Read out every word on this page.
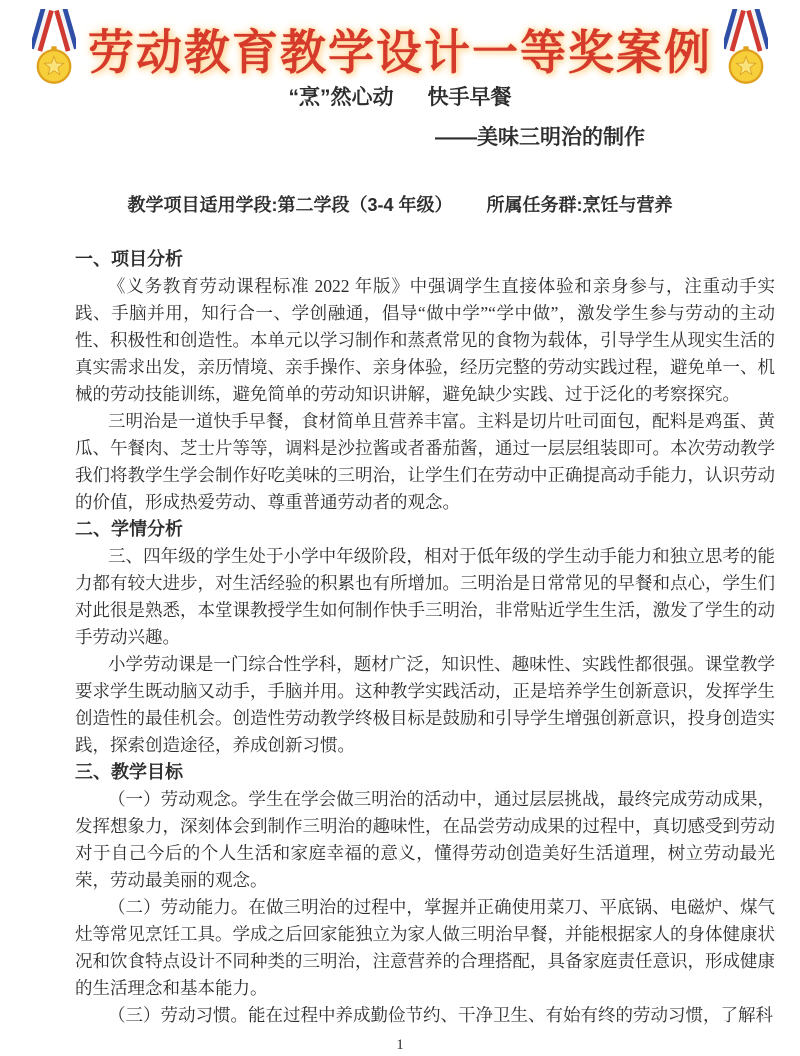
劳动教育教学设计一等奖案例
“烹”然心动 快手早餐
——美味三明治的制作
教学项目适用学段:第二学段（3-4 年级） 所属任务群:烹饪与营养
一、项目分析

《义务教育劳动课程标准 2022 年版》中强调学生直接体验和亲身参与，注重动手实践、手脑并用，知行合一、学创融通，倡导“做中学”“学中做”，激发学生参与劳动的主动性、积极性和创造性。本单元以学习制作和蒸煮常见的食物为载体，引导学生从现实生活的真实需求出发，亲历情境、亲手操作、亲身体验，经历完整的劳动实践过程，避免单一、机械的劳动技能训练，避免简单的劳动知识讲解，避免缺少实践、过于泛化的考察探究。

三明治是一道快手早餐，食材简单且营养丰富。主料是切片吐司面包，配料是鸡蛋、黄瓜、午餐肉、芝士片等等，调料是沙拉酱或者番茄酱，通过一层层组装即可。本次劳动教学我们将教学生学会制作好吃美味的三明治，让学生们在劳动中正确提高动手能力，认识劳动的价值，形成热爱劳动、尊重普通劳动者的观念。

二、学情分析

三、四年级的学生处于小学中年级阶段，相对于低年级的学生动手能力和独立思考的能力都有较大进步，对生活经验的积累也有所增加。三明治是日常常见的早餐和点心，学生们对此很是熟悉，本堂课教授学生如何制作快手三明治，非常贴近学生生活，激发了学生的动手劳动兴趣。

小学劳动课是一门综合性学科，题材广泛，知识性、趣味性、实践性都很强。课堂教学要求学生既动脑又动手，手脑并用。这种教学实践活动，正是培养学生创新意识，发挥学生创造性的最佳机会。创造性劳动教学终极目标是鼓励和引导学生增强创新意识，投身创造实践，探索创造途径，养成创新习惯。

三、教学目标

（一）劳动观念。学生在学会做三明治的活动中，通过层层挑战，最终完成劳动成果，发挥想象力，深刻体会到制作三明治的趣味性，在品尝劳动成果的过程中，真切感受到劳动对于自己今后的个人生活和家庭幸福的意义，懂得劳动创造美好生活道理，树立劳动最光荣，劳动最美丽的观念。

（二）劳动能力。在做三明治的过程中，掌握并正确使用菜刀、平底锅、电磁炉、煤气灶等常见烹饪工具。学成之后回家能独立为家人做三明治早餐，并能根据家人的身体健康状况和饮食特点设计不同种类的三明治，注意营养的合理搭配，具备家庭责任意识，形成健康的生活理念和基本能力。

（三）劳动习惯。能在过程中养成勤俭节约、干净卫生、有始有终的劳动习惯，了解科

1
